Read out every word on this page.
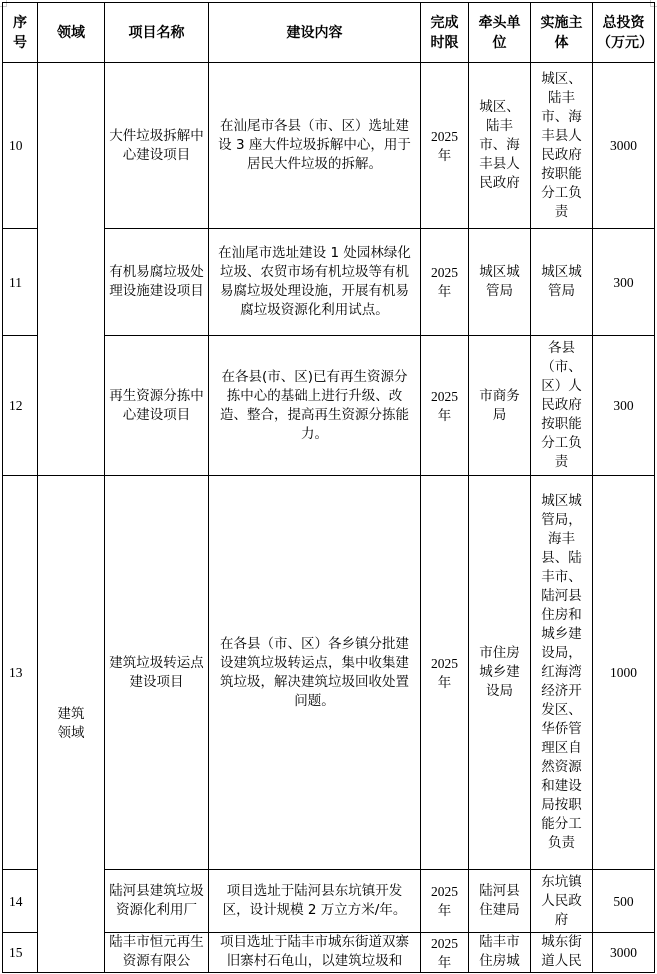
序号	领域	项目名称	建设内容	完成时限	牵头单位	实施主体	总投资（万元）
10		大件垃圾拆解中心建设项目	在汕尾市各县（市、区）选址建设 3 座大件垃圾拆解中心，用于居民大件垃圾的拆解。	2025年	城区、陆丰市、海丰县人民政府	城区、陆丰市、海丰县人民政府按职能分工负责	3000
11		有机易腐垃圾处理设施建设项目	在汕尾市选址建设 1 处园林绿化垃圾、农贸市场有机垃圾等有机易腐垃圾处理设施，开展有机易腐垃圾资源化利用试点。	2025年	城区城管局	城区城管局	300
12		再生资源分拣中心建设项目	在各县(市、区)已有再生资源分拣中心的基础上进行升级、改造、整合，提高再生资源分拣能力。	2025年	市商务局	各县（市、区）人民政府按职能分工负责	300
13	建筑领域	建筑垃圾转运点建设项目	在各县（市、区）各乡镇分批建设建筑垃圾转运点，集中收集建筑垃圾，解决建筑垃圾回收处置问题。	2025年	市住房城乡建设局	城区城管局，海丰县、陆丰市、陆河县住房和城乡建设局，红海湾经济开发区、华侨管理区自然资源和建设局按职能分工负责	1000
14		陆河县建筑垃圾资源化利用厂	项目选址于陆河县东坑镇开发区，设计规模 2 万立方米/年。	2025年	陆河县住建局	东坑镇人民政府	500
15		陆丰市恒元再生资源有限公	项目选址于陆丰市城东街道双寨旧寨村石龟山，以建筑垃圾和	2025年	陆丰市住房城	城东街道人民	3000
